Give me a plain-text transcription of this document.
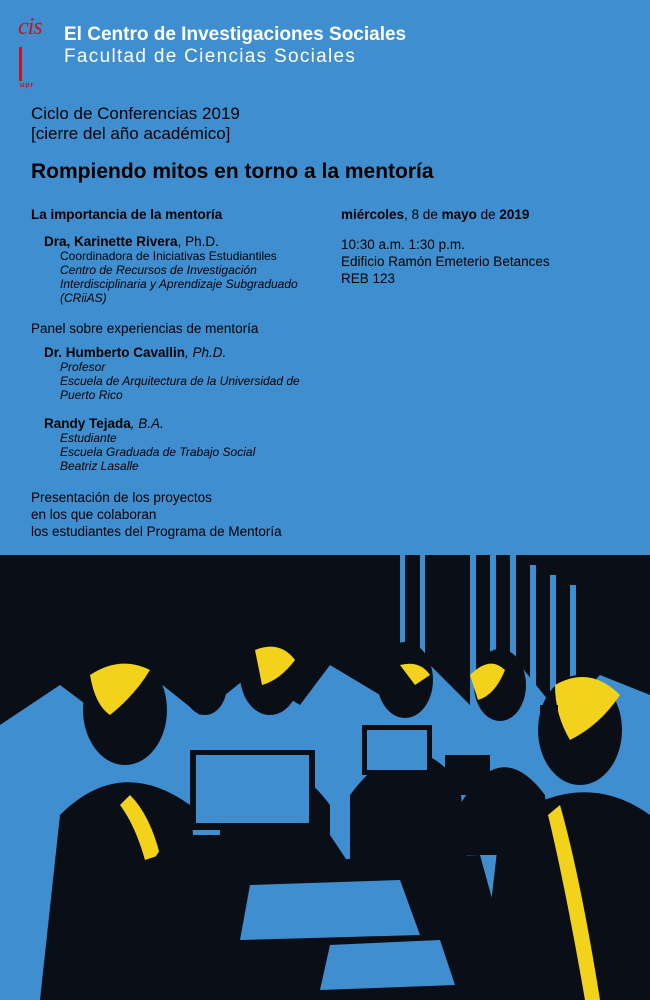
cis
upr
El Centro de Investigaciones Sociales
Facultad de Ciencias Sociales
Ciclo de Conferencias 2019
[cierre del año académico]
Rompiendo mitos en torno a la mentoría
La importancia de la mentoría
Dra, Karinette Rivera, Ph.D.
Coordinadora de Iniciativas Estudiantiles
Centro de Recursos de Investigación
Interdisciplinaria y Aprendizaje Subgraduado
(CRiiAS)
Panel sobre experiencias de mentoría
Dr. Humberto Cavallin, Ph.D.
Profesor
Escuela de Arquitectura de la Universidad de
Puerto Rico
Randy Tejada, B.A.
Estudiante
Escuela Graduada de Trabajo Social
Beatriz Lasalle
Presentación de los proyectos
en los que colaboran
los estudiantes del Programa de Mentoría
miércoles, 8 de mayo de 2019
10:30 a.m. 1:30 p.m.
Edificio Ramón Emeterio Betances
REB 123
